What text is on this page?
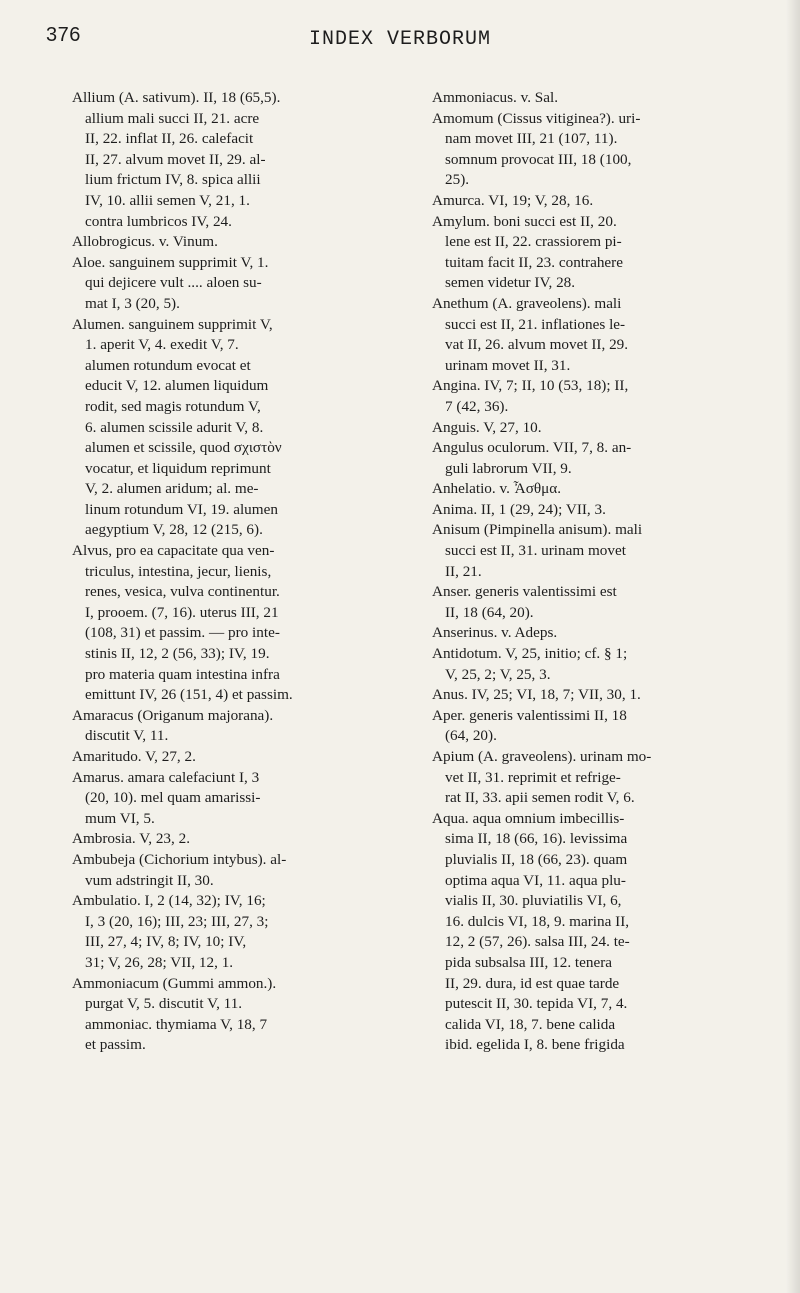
376	INDEX VERBORUM
Allium (A. sativum). II, 18 (65,5).
allium mali succi II, 21. acre
II, 22. inflat II, 26. calefacit
II, 27. alvum movet II, 29. al-
lium frictum IV, 8. spica allii
IV, 10. allii semen V, 21, 1.
contra lumbricos IV, 24.
Allobrogicus. v. Vinum.
Aloe. sanguinem supprimit V, 1.
qui dejicere vult .... aloen su-
mat I, 3 (20, 5).
Alumen. sanguinem supprimit V,
1. aperit V, 4. exedit V, 7.
alumen rotundum evocat et
educit V, 12. alumen liquidum
rodit, sed magis rotundum V,
6. alumen scissile adurit V, 8.
alumen et scissile, quod σχιστὸν
vocatur, et liquidum reprimunt
V, 2. alumen aridum; al. me-
linum rotundum VI, 19. alumen
aegyptium V, 28, 12 (215, 6).
Alvus, pro ea capacitate qua ven-
triculus, intestina, jecur, lienis,
renes, vesica, vulva continentur.
I, prooem. (7, 16). uterus III, 21
(108, 31) et passim. — pro inte-
stinis II, 12, 2 (56, 33); IV, 19.
pro materia quam intestina infra
emittunt IV, 26 (151, 4) et passim.
Amaracus (Origanum majorana).
discutit V, 11.
Amaritudo. V, 27, 2.
Amarus. amara calefaciunt I, 3
(20, 10). mel quam amarissi-
mum VI, 5.
Ambrosia. V, 23, 2.
Ambubeja (Cichorium intybus). al-
vum adstringit II, 30.
Ambulatio. I, 2 (14, 32); IV, 16;
I, 3 (20, 16); III, 23; III, 27, 3;
III, 27, 4; IV, 8; IV, 10; IV,
31; V, 26, 28; VII, 12, 1.
Ammoniacum (Gummi ammon.).
purgat V, 5. discutit V, 11.
ammoniac. thymiama V, 18, 7
et passim.
Ammoniacus. v. Sal.
Amomum (Cissus vitiginea?). uri-
nam movet III, 21 (107, 11).
somnum provocat III, 18 (100,
25).
Amurca. VI, 19; V, 28, 16.
Amylum. boni succi est II, 20.
lene est II, 22. crassiorem pi-
tuitam facit II, 23. contrahere
semen videtur IV, 28.
Anethum (A. graveolens). mali
succi est II, 21. inflationes le-
vat II, 26. alvum movet II, 29.
urinam movet II, 31.
Angina. IV, 7; II, 10 (53, 18); II,
7 (42, 36).
Anguis. V, 27, 10.
Angulus oculorum. VII, 7, 8. an-
guli labrorum VII, 9.
Anhelatio. v. Ἆσθμα.
Anima. II, 1 (29, 24); VII, 3.
Anisum (Pimpinella anisum). mali
succi est II, 31. urinam movet
II, 21.
Anser. generis valentissimi est
II, 18 (64, 20).
Anserinus. v. Adeps.
Antidotum. V, 25, initio; cf. § 1;
V, 25, 2; V, 25, 3.
Anus. IV, 25; VI, 18, 7; VII, 30, 1.
Aper. generis valentissimi II, 18
(64, 20).
Apium (A. graveolens). urinam mo-
vet II, 31. reprimit et refrige-
rat II, 33. apii semen rodit V, 6.
Aqua. aqua omnium imbecillis-
sima II, 18 (66, 16). levissima
pluvialis II, 18 (66, 23). quam
optima aqua VI, 11. aqua plu-
vialis II, 30. pluviatilis VI, 6,
16. dulcis VI, 18, 9. marina II,
12, 2 (57, 26). salsa III, 24. te-
pida subsalsa III, 12. tenera
II, 29. dura, id est quae tarde
putescit II, 30. tepida VI, 7, 4.
calida VI, 18, 7. bene calida
ibid. egelida I, 8. bene frigida
